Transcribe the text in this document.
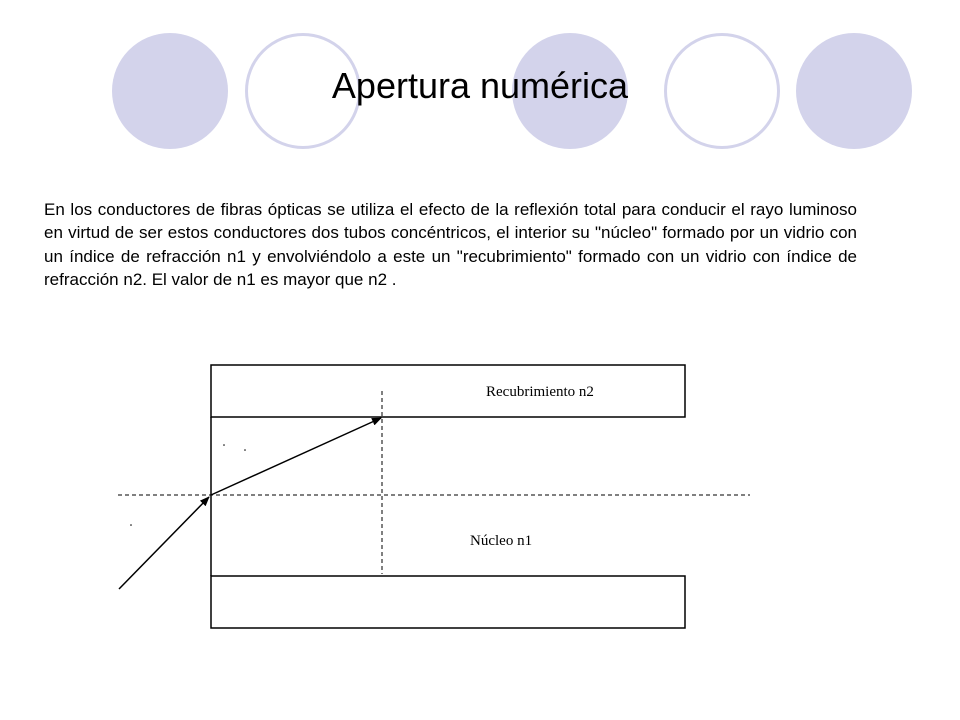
Apertura numérica
En los conductores de fibras ópticas se utiliza el efecto de la reflexión total para conducir el rayo luminoso en virtud de ser estos conductores dos tubos concéntricos, el interior su "núcleo" formado por un vidrio con un índice de refracción n1 y envolviéndolo a este un "recubrimiento" formado con un vidrio con índice de refracción n2. El valor de n1 es mayor que n2 .
Recubrimiento n2
Núcleo n1
